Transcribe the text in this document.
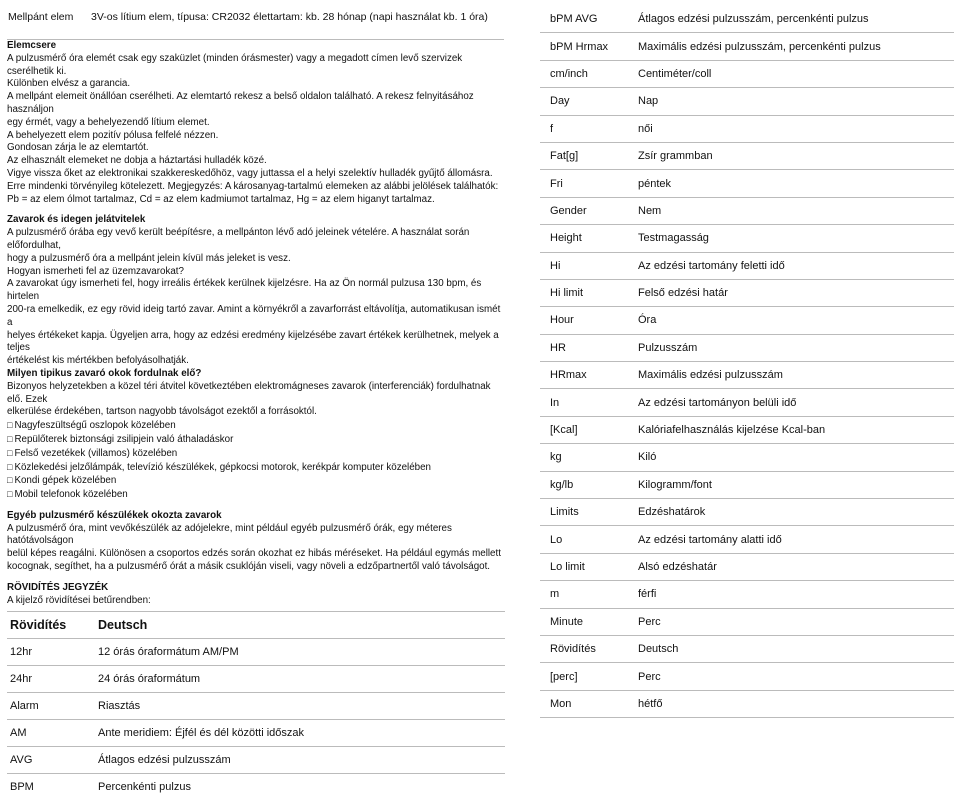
Mellpánt elem	3V-os lítium elem, típusa: CR2032 élettartam: kb. 28 hónap (napi használat kb. 1 óra)

Elemcsere

A pulzusmérő óra elemét csak egy szaküzlet (minden órásmester) vagy a megadott címen levő szervizek cserélhetik ki.

Különben elvész a garancia.

A mellpánt elemeit önállóan cserélheti. Az elemtartó rekesz a belső oldalon található. A rekesz felnyitásához használjon

egy érmét, vagy a behelyezendő lítium elemet.

A behelyezett elem pozitív pólusa felfelé nézzen.

Gondosan zárja le az elemtartót.

Az elhasznált elemeket ne dobja a háztartási hulladék közé.

Vigye vissza őket az elektronikai szakkereskedőhöz, vagy juttassa el a helyi szelektív hulladék gyűjtő állomásra.

Erre mindenki törvényileg kötelezett. Megjegyzés: A károsanyag-tartalmú elemeken az alábbi jelölések találhatók:

Pb = az elem ólmot tartalmaz, Cd = az elem kadmiumot tartalmaz, Hg = az elem higanyt tartalmaz.

Zavarok és idegen jelátvitelek

A pulzusmérő órába egy vevő került beépítésre, a mellpánton lévő adó jeleinek vételére. A használat során előfordulhat,

hogy a pulzusmérő óra a mellpánt jelein kívül más jeleket is vesz.

Hogyan ismerheti fel az üzemzavarokat?

A zavarokat úgy ismerheti fel, hogy irreális értékek kerülnek kijelzésre. Ha az Ön normál pulzusa 130 bpm, és hirtelen

200-ra emelkedik, ez egy rövid ideig tartó zavar. Amint a környékről a zavarforrást eltávolítja, automatikusan ismét a

helyes értékeket kapja. Ügyeljen arra, hogy az edzési eredmény kijelzésébe zavart értékek kerülhetnek, melyek a teljes

értékelést kis mértékben befolyásolhatják.

Milyen tipikus zavaró okok fordulnak elő?

Bizonyos helyzetekben a közel téri átvitel következtében elektromágneses zavarok (interferenciák) fordulhatnak elő. Ezek

elkerülése érdekében, tartson nagyobb távolságot ezektől a forrásoktól.

□ Nagyfeszültségű oszlopok közelében

□ Repülőterek biztonsági zsilipjein való áthaladáskor

□ Felső vezetékek (villamos) közelében

□ Közlekedési jelzőlámpák, televízió készülékek, gépkocsi motorok, kerékpár komputer közelében

□ Kondi gépek közelében

□ Mobil telefonok közelében

Egyéb pulzusmérő készülékek okozta zavarok

A pulzusmérő óra, mint vevőkészülék az adójelekre, mint például egyéb pulzusmérő órák, egy méteres hatótávolságon

belül képes reagálni. Különösen a csoportos edzés során okozhat ez hibás méréseket. Ha például egymás mellett

kocognak, segíthet, ha a pulzusmérő órát a másik csuklóján viseli, vagy növeli a edzőpartnertől való távolságot.

RÖVIDÍTÉS JEGYZÉK

A kijelző rövidítései betűrendben:

Rövidítés	Deutsch
12hr	12 órás óraformátum AM/PM
24hr	24 órás óraformátum
Alarm	Riasztás
AM	Ante meridiem: Éjfél és dél közötti időszak
AVG	Átlagos edzési pulzusszám
BPM	Percenkénti pulzus
bPM AVG	Átlagos edzési pulzusszám, percenkénti pulzus
bPM Hrmax	Maximális edzési pulzusszám, percenkénti pulzus
cm/inch	Centiméter/coll
Day	Nap
f	női
Fat[g]	Zsír grammban
Fri	péntek
Gender	Nem
Height	Testmagasság
Hi	Az edzési tartomány feletti idő
Hi limit	Felső edzési határ
Hour	Óra
HR	Pulzusszám
HRmax	Maximális edzési pulzusszám
In	Az edzési tartományon belüli idő
[Kcal]	Kalóriafelhasználás kijelzése Kcal-ban
kg	Kiló
kg/lb	Kilogramm/font
Limits	Edzéshatárok
Lo	Az edzési tartomány alatti idő
Lo limit	Alsó edzéshatár
m	férfi
Minute	Perc
Rövidítés	Deutsch
[perc]	Perc
Mon	hétfő
